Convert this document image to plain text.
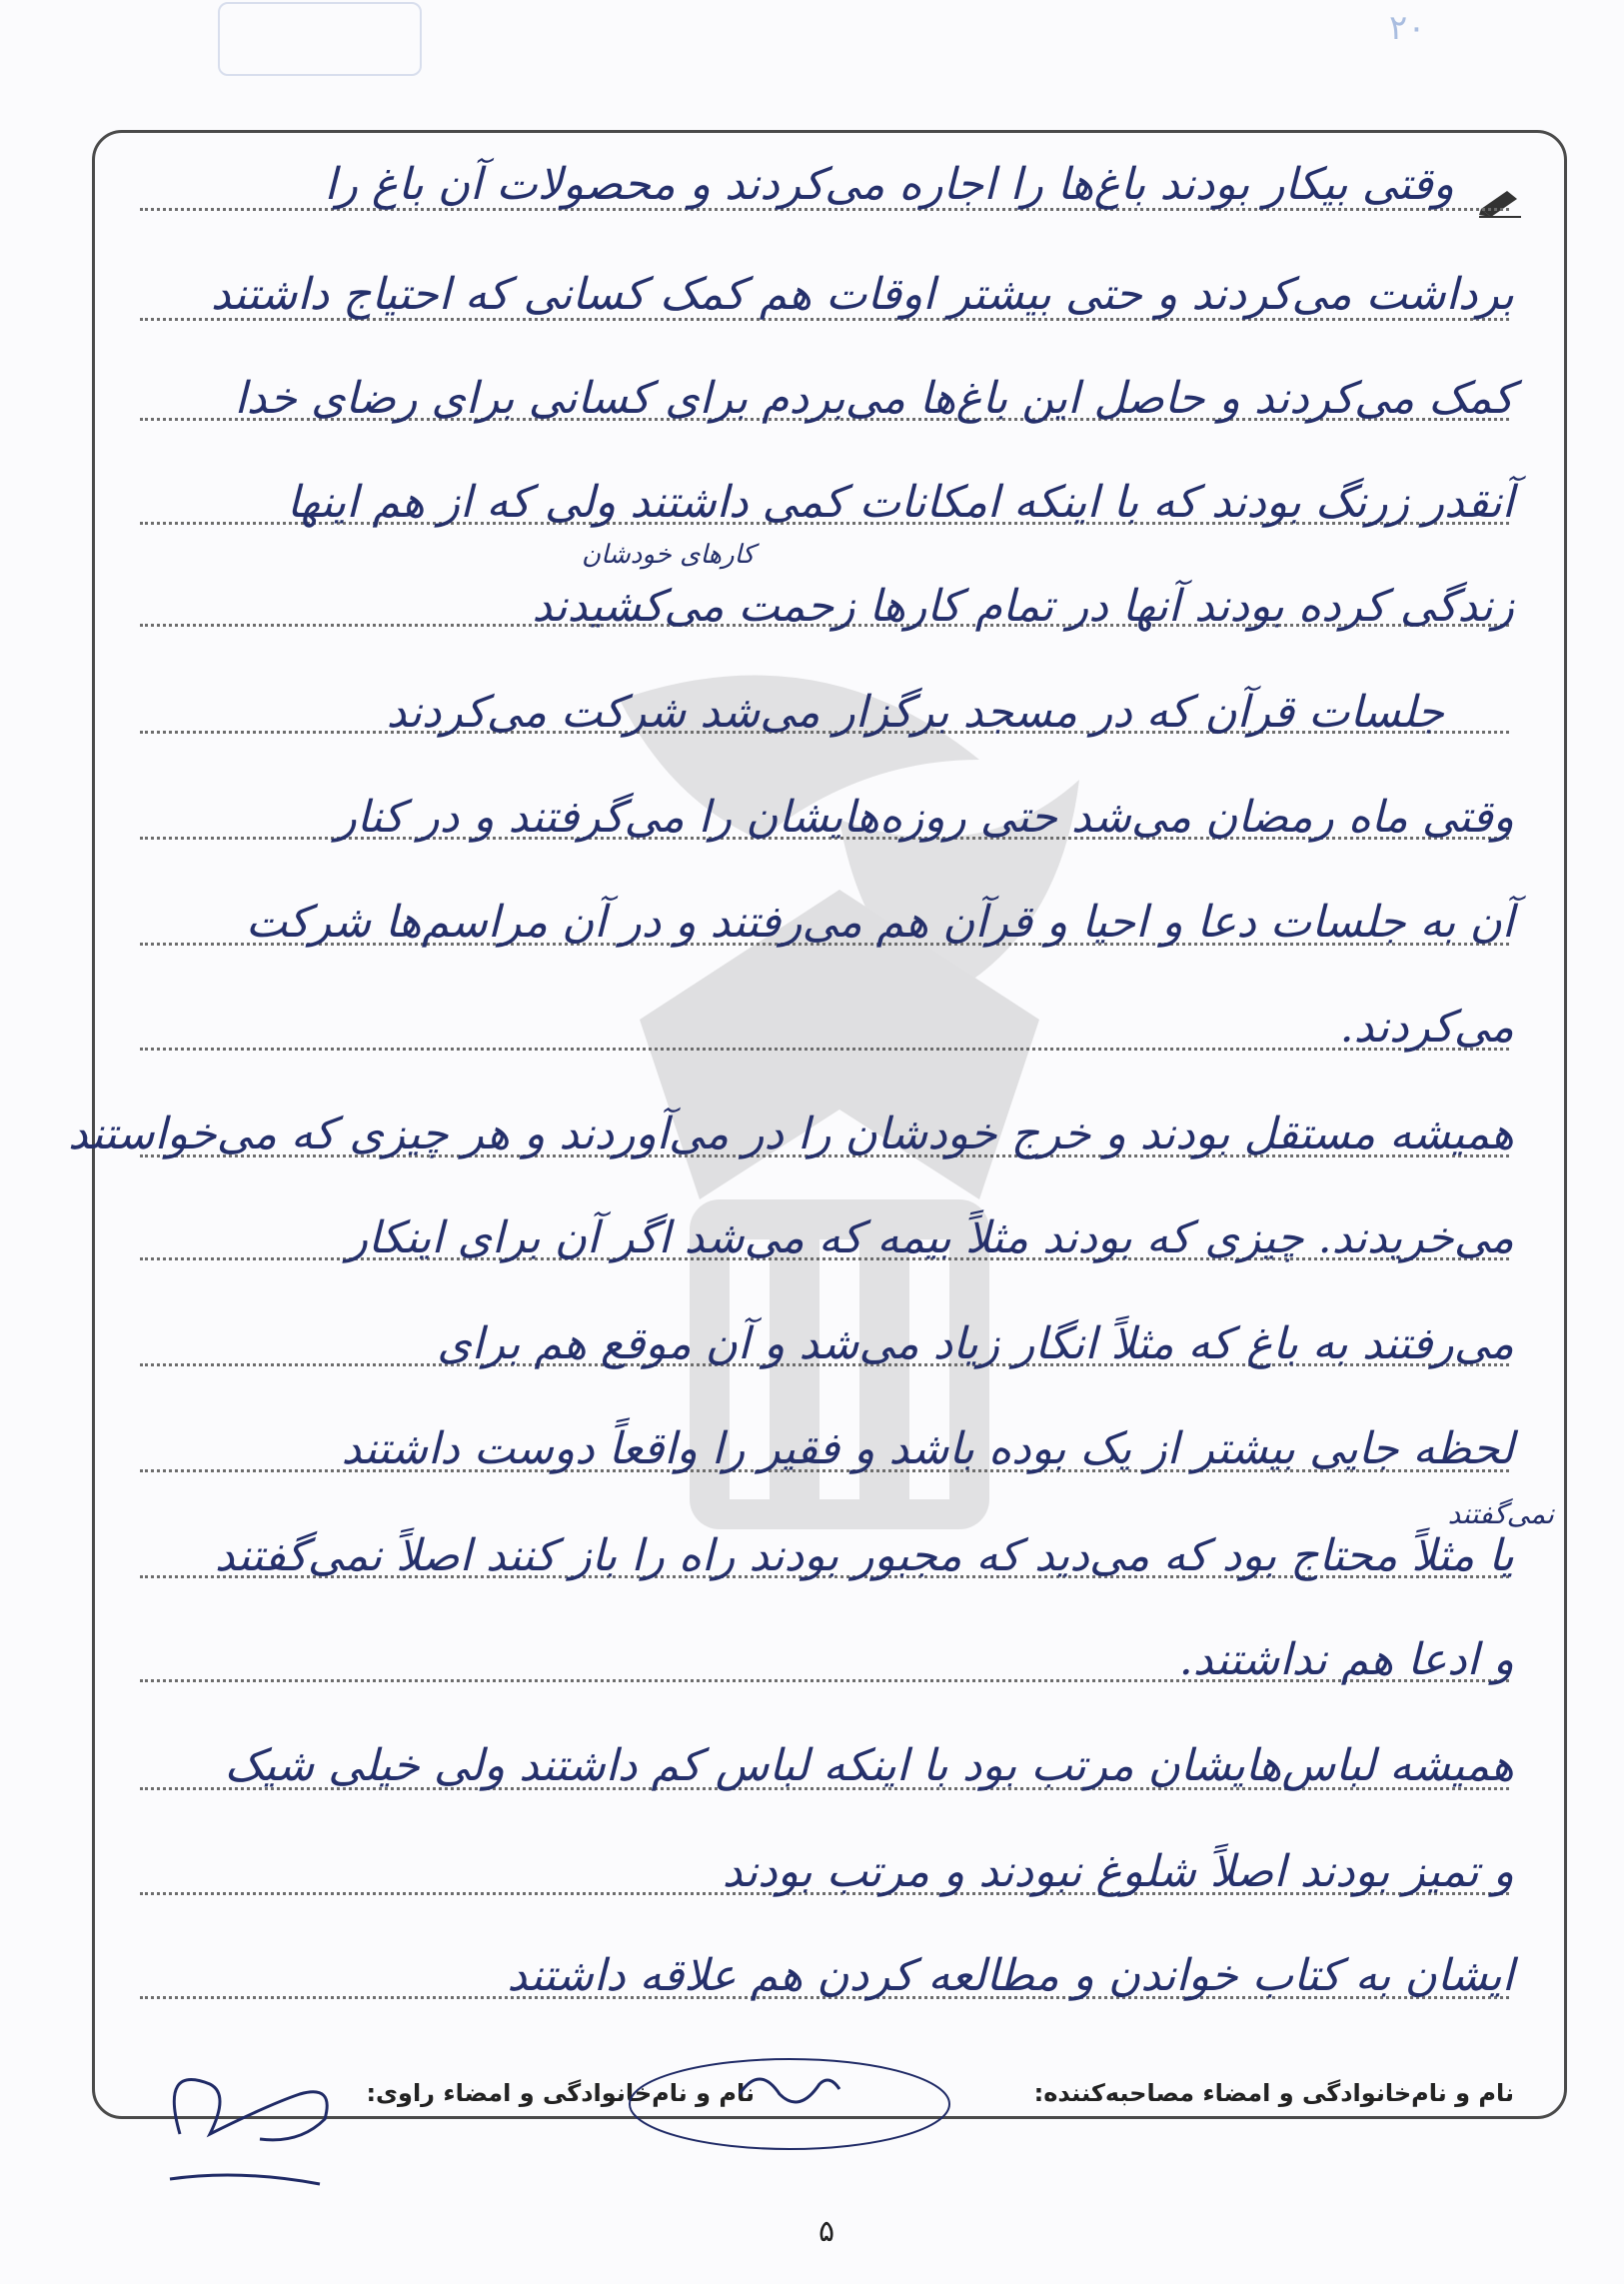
۲۰
وقتی بیکار بودند باغ‌ها را اجاره می‌کردند و محصولات آن باغ را
برداشت می‌کردند و حتی بیشتر اوقات هم کمک کسانی که احتیاج داشتند
کمک می‌کردند و حاصل این باغ‌ها می‌بردم برای کسانی برای رضای خدا
آنقدر زرنگ بودند که با اینکه امکانات کمی داشتند ولی که از هم اینها
زندگی کرده بودند آنها در تمام کارها زحمت می‌کشیدند
جلسات قرآن که در مسجد برگزار می‌شد شرکت می‌کردند
وقتی ماه رمضان می‌شد حتی روزه‌هایشان را می‌گرفتند و در کنار
آن به جلسات دعا و احیا و قرآن هم می‌رفتند و در آن مراسم‌ها شرکت
می‌کردند.
همیشه مستقل بودند و خرج خودشان را در می‌آوردند و هر چیزی که می‌خواستند
می‌خریدند. چیزی که بودند مثلاً بیمه که می‌شد اگر آن برای اینکار
می‌رفتند به باغ که مثلاً انگار زیاد می‌شد و آن موقع هم برای
لحظه جایی بیشتر از یک بوده باشد و فقیر را واقعاً دوست داشتند
یا مثلاً محتاج بود که می‌دید که مجبور بودند راه را باز کنند اصلاً نمی‌گفتند
و ادعا هم نداشتند.
همیشه لباس‌هایشان مرتب بود با اینکه لباس کم داشتند ولی خیلی شیک
و تمیز بودند اصلاً شلوغ نبودند و مرتب بودند
ایشان به کتاب خواندن و مطالعه کردن هم علاقه داشتند
کارهای خودشان
نمی‌گفتند
نام و نام‌خانوادگی و امضاء مصاحبه‌کننده:
نام و نام‌خانوادگی و امضاء راوی:
۵
